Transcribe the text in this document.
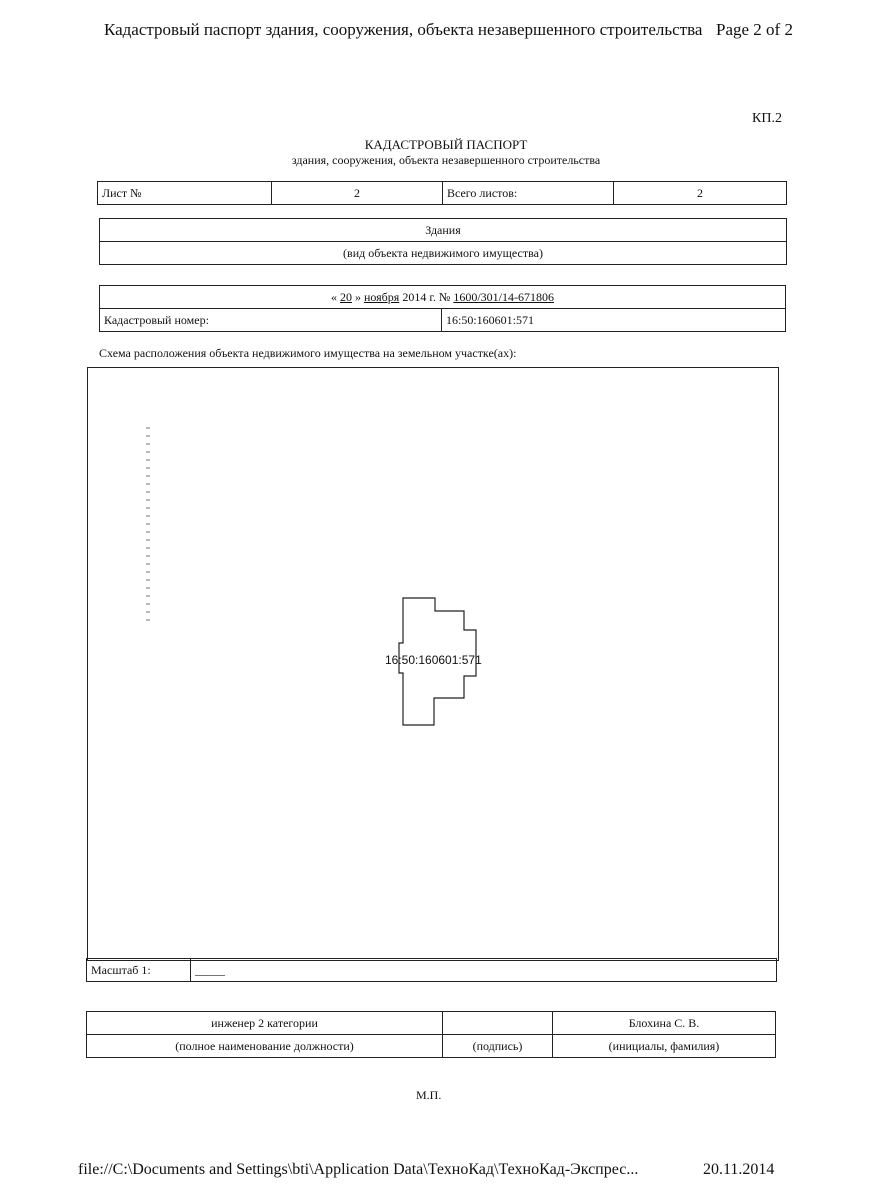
Кадастровый паспорт здания, сооружения, объекта незавершенного строительства Page 2 of 2
КП.2
КАДАСТРОВЫЙ ПАСПОРТ
здания, сооружения, объекта незавершенного строительства
Лист №	2	Всего листов:	2
Здания
(вид объекта недвижимого имущества)
« 20 » ноября 2014 г. № 1600/301/14-671806
Кадастровый номер:	16:50:160601:571
Схема расположения объекта недвижимого имущества на земельном участке(ах):
16:50:160601:571
Масштаб 1:	_____
инженер 2 категории		Блохина С. В.
(полное наименование должности)	(подпись)	(инициалы, фамилия)
М.П.
file://C:\Documents and Settings\bti\Application Data\ТехноКад\ТехноКад-Экспрес...	20.11.2014
